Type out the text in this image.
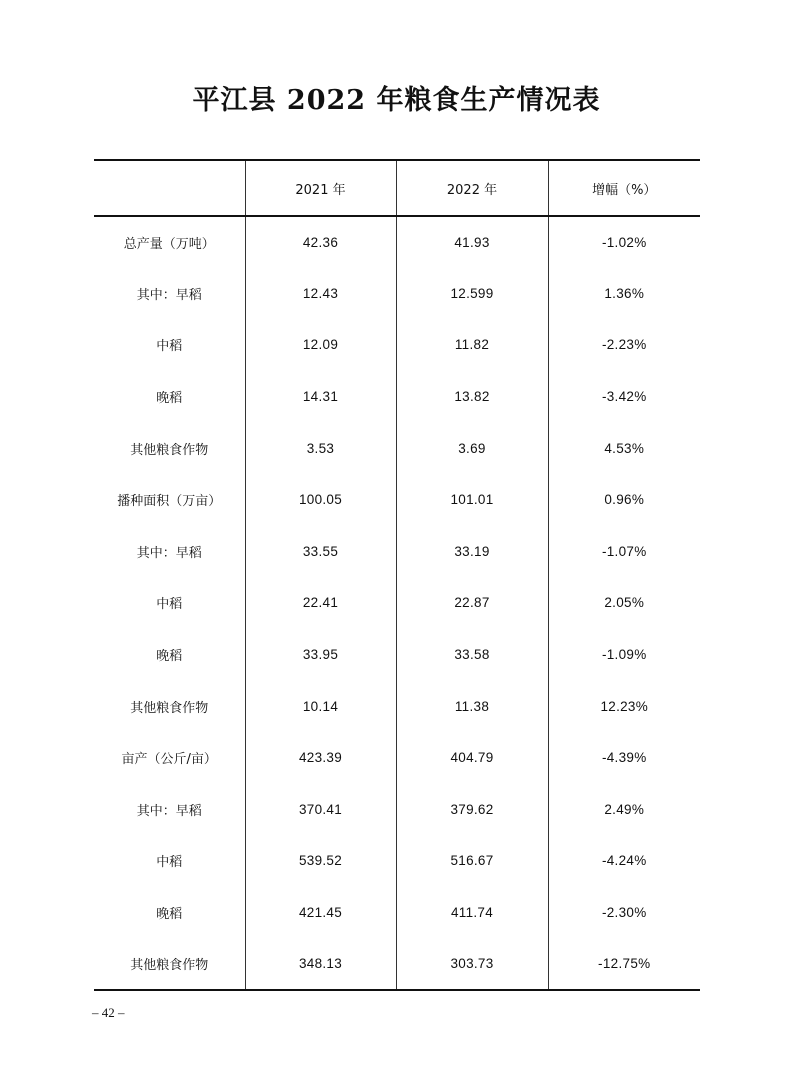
平江县 2022 年粮食生产情况表
	2021 年	2022 年	增幅（%）
总产量（万吨）	42.36	41.93	-1.02%
其中：早稻	12.43	12.599	1.36%
中稻	12.09	11.82	-2.23%
晚稻	14.31	13.82	-3.42%
其他粮食作物	3.53	3.69	4.53%
播种面积（万亩）	100.05	101.01	0.96%
其中：早稻	33.55	33.19	-1.07%
中稻	22.41	22.87	2.05%
晚稻	33.95	33.58	-1.09%
其他粮食作物	10.14	11.38	12.23%
亩产（公斤/亩）	423.39	404.79	-4.39%
其中：早稻	370.41	379.62	2.49%
中稻	539.52	516.67	-4.24%
晚稻	421.45	411.74	-2.30%
其他粮食作物	348.13	303.73	-12.75%
– 42 –
